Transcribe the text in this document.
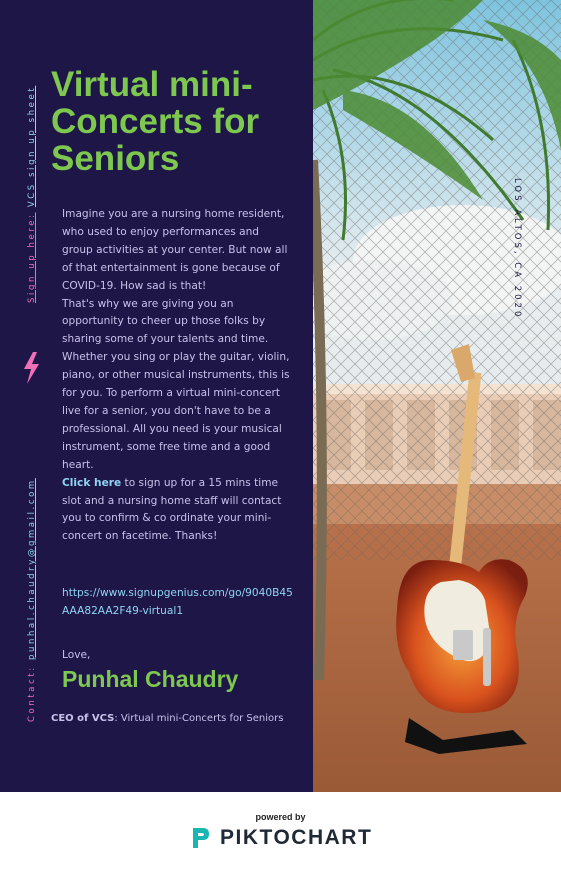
Sign up here: VCS sign up sheet
Contact: punhal.chaudry@gmail.com
Virtual mini-Concerts for Seniors

Imagine you are a nursing home resident, who used to enjoy performances and group activities at your center. But now all of that entertainment is gone because of COVID-19. How sad is that!

That's why we are giving you an opportunity to cheer up those folks by sharing some of your talents and time. Whether you sing or play the guitar, violin, piano, or other musical instruments, this is for you. To perform a virtual mini-concert live for a senior, you don't have to be a professional. All you need is your musical instrument, some free time and a good heart.

Click here to sign up for a 15 mins time slot and a nursing home staff will contact you to confirm & co ordinate your mini-concert on facetime. Thanks!

https://www.signupgenius.com/go/9040B45AAA82AA2F49-virtual1
Love,
Punhal Chaudry
CEO of VCS: Virtual mini-Concerts for Seniors
LOS ALTOS, CA 2020
powered by
PIKTOCHART
